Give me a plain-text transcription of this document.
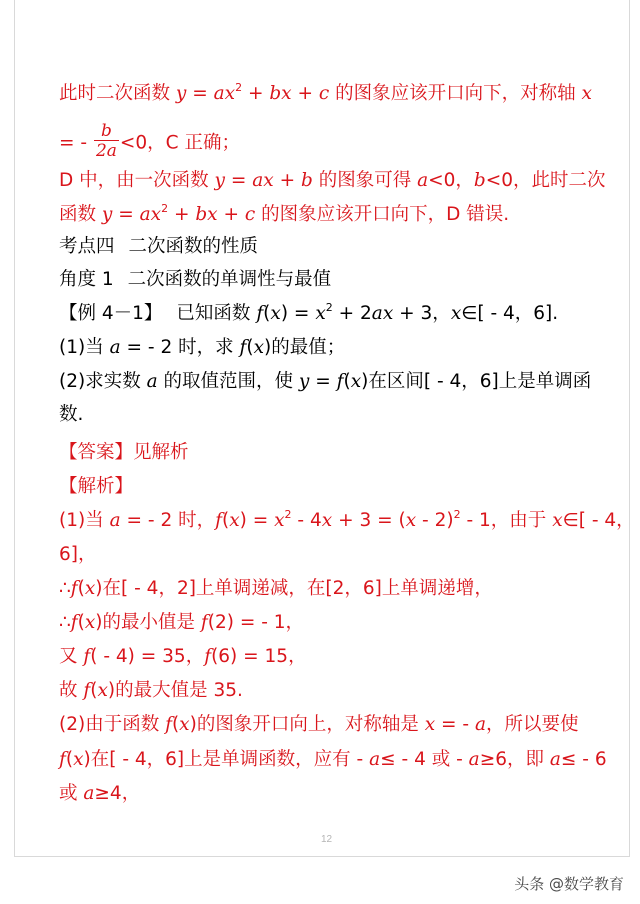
此时二次函数 $y = ax^2$ + bx + c 的图象应该开口向下，对称轴 x
= - $\frac{b}{2a} <0$，C 正确；
D 中，由一次函数 y = ax + b 的图象可得 a<0，b<0，此时二次
函数 $y = ax^2$ + bx + c 的图象应该开口向下，D 错误.
考点四 二次函数的性质
角度 1 二次函数的单调性与最值
【例 4－1】 已知函数 $f(x) = x^2 + 2ax + 3$，x∈[ - 4，6].
(1)当 a = - 2 时，求 f(x)的最值；
(2)求实数 a 的取值范围，使 y = f(x)在区间[ - 4，6]上是单调函
数.
【答案】见解析
【解析】
(1)当 a = - 2 时，$f(x) = x^2 - 4x + 3 = (x - 2)^2 - 1$，由于 x∈[ - 4，
6]，
∴f(x)在[ - 4，2]上单调递减，在[2，6]上单调递增，
∴f(x)的最小值是 f(2) = - 1，
又 f( - 4) = 35，f(6) = 15，
故 f(x)的最大值是 35.
(2)由于函数 f(x)的图象开口向上，对称轴是 x = - a，所以要使
f(x)在[ - 4，6]上是单调函数，应有 - a≤ - 4 或 - a≥6，即 a≤ - 6
或 a≥4，
12
头条 @数学教育
